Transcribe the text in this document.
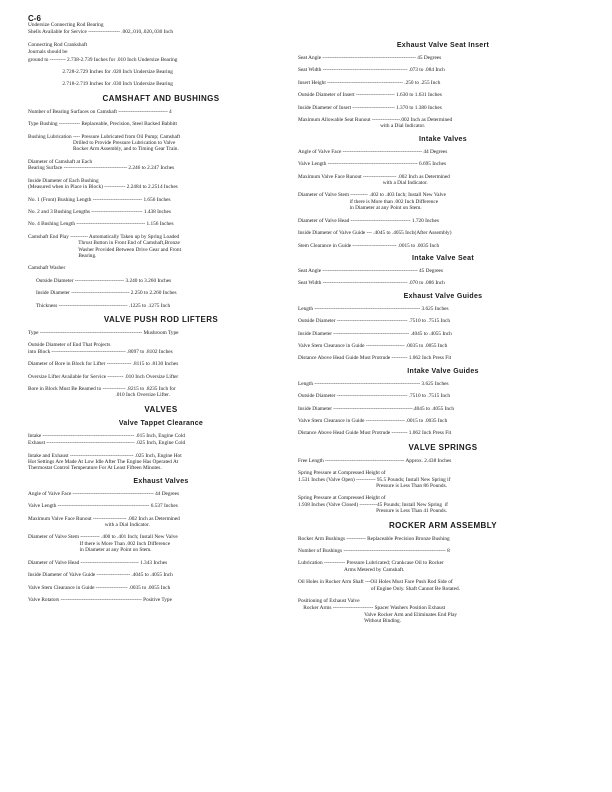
C-6
Undersize Connecting Rod Bearing
Shells Available for Service ------------------ .002,.010,.020,.030 Inch
Connecting Rod Crankshaft
Journals should be
ground to --------- 2.738-2.739 Inches for .010 Inch Undersize Bearing
2.728-2.729 Inches for .020 Inch Undersize Bearing
2.718-2.719 Inches for .030 Inch Undersize Bearing
CAMSHAFT AND BUSHINGS
Number of Bearing Surfaces on Camshaft ---------------------------- 4
Type Bushing ------------ Replaceable, Precision, Steel Backed Babbitt
Bushing Lubrication ---- Pressure Lubricated from Oil Pump; Camshaft
Drilled to Provide Pressure Lubrication to Valve
Rocker Arm Assembly, and to Timing Gear Train.
Diameter of Camshaft at Each
Bearing Surface ------------------------------------ 2.246 to 2.247 Inches
Inside Diameter of Each Bushing
(Measured when in Place in Block) ------------ 2.2484 to 2.2514 Inches
No. 1 (Front) Bushing Length ---------------------------- 1.656 Inches
No. 2 and 3 Bushing Lengths ----------------------------- 1.438 Inches
No. 4 Bushing Length --------------------------------------- 1.156 Inches
Camshaft End Play ---------- Automatically Taken up by Spring Loaded
Thrust Button in Front End of Camshaft,Bronze
Washer Provided Between Drive Gear and Front
Bearing.
Camshaft Washer
Outside Diameter ---------------------------- 3.240 to 3.260 Inches
Inside Diameter --------------------------------- 2.250 to 2.260 Inches
Thickness --------------------------------------- .1225 to .1275 Inch
VALVE PUSH ROD LIFTERS
Type ---------------------------------------------------------- Mushroom Type
Outside Diameter of End That Projects
into Block ------------------------------------------ .8097 to .8102 Inches
Diameter of Bore in Block for Lifter -------------- .8115 to .8130 Inches
Oversize Lifter Available for Service --------- .010 Inch Oversize Lifter
Bore in Block Must Be Reamed to ------------- .8215 to .8235 Inch for
.010 Inch Oversize Lifter.
VALVES
Valve Tappet Clearance
Intake ---------------------------------------------------- .015 Inch, Engine Cold
Exhaust -------------------------------------------------- .025 Inch, Engine Cold
Intake and Exhaust ------------------------------------ .025 Inch, Engine Hot
Hot Settings Are Made At Low Idle After The Engine Has Operated At
Thermostat Control Temperature For At Least Fifteen Minutes.
Exhaust Valves
Angle of Valve Face ---------------------------------------------- 44 Degrees
Valve Length ---------------------------------------------------- 6.537 Inches
Maximum Valve Face Runout ------------------- .002 Inch as Determined
with a Dial Indicator.
Diameter of Valve Stem ----------- .400 to .401 Inch; Install New Valve
If there is More Than .002 Inch Difference
in Diameter at any Point on Stem.
Diameter of Valve Head --------------------------------- 1.343 Inches
Inside Diameter of Valve Guide ------------------- .4045 to .4055 Inch
Valve Stem Clearance in Guide ------------------ .0035 to .0055 Inch
Valve Rotators ---------------------------------------------- Positive Type
Exhaust Valve Seat Insert
Seat Angle ----------------------------------------------------- 45 Degrees
Seat Width ------------------------------------------------ .073 to .084 Inch
Insert Height ------------------------------------------- .250 to .255 Inch
Outside Diameter of Insert ---------------------- 1.630 to 1.631 Inches
Inside Diameter of Insert ------------------------ 1.370 to 1.380 Inches
Maximum Allowable Seat Runout ----------------.002 Inch as Determined
with a Dial Indicator.
Intake Valves
Angle of Valve Face --------------------------------------------- 44 Degrees
Valve Length --------------------------------------------------- 6.695 Inches
Maximum Valve Face Runout ------------------- .002 Inch as Determined
with a Dial Indicator.
Diameter of Valve Stem ---------- .402 to .403 Inch; Install New Valve
if there is More than .002 Inch Difference
in Diameter at any Point on Stem.
Diameter of Valve Head ---------------------------------- 1.720 Inches
Inside Diameter of Valve Guide --- .4045 to .4055 Inch(After Assembly)
Stem Clearance in Guide ------------------------- .0015 to .0035 Inch
Intake Valve Seat
Seat Angle ------------------------------------------------------ 45 Degrees
Seat Width ------------------------------------------------ .070 to .086 Inch
Exhaust Valve Guides
Length ------------------------------------------------------------ 3.625 Inches
Outside Diameter ---------------------------------------- .7510 to .7515 Inch
Inside Diameter ------------------------------------------- .4045 to .4055 Inch
Valve Stem Clearance in Guide ---------------------- .0035 to .0055 Inch
Distance Above Head Guide Must Protrude --------- 1.062 Inch Press Fit
Intake Valve Guides
Length ------------------------------------------------------------ 3.625 Inches
Outside Diameter ---------------------------------------- .7510 to .7515 Inch
Inside Diameter ---------------------------------------------.4045 to .4055 Inch
Valve Stem Clearance in Guide ---------------------- .0015 to .0035 Inch
Distance Above Head Guide Must Protrude --------- 1.062 Inch Press Fit
VALVE SPRINGS
Free Length --------------------------------------------- Approx. 2.438 Inches
Spring Pressure at Compressed Height of
1.531 Inches (Valve Open) ----------- 95.5 Pounds; Install New Spring if
Pressure is Less Than 86 Pounds.
Spring Pressure at Compressed Height of
1.938 Inches (Valve Closed) ----------45 Pounds; Install New Spring  if
Pressure is Less Than 41 Pounds.
ROCKER ARM ASSEMBLY
Rocker Arm Bushings ----------- Replaceable Precision Bronze Bushing
Number of Bushings ---------------------------------------------------------- 8
Lubrication ------------ Pressure Lubricated; Crankcase Oil to Rocker
Arms Metered by Camshaft.
Oil Holes in Rocker Arm Shaft ---Oil Holes Must Face Push Rod Side of
of Engine Only. Shaft Cannot Be Rotated.
Positioning of Exhaust Valve
Rocker Arms ----------------------- Spacer Washers Position Exhaust
Valve Rocker Arm and Eliminates End Play
Without Binding.
